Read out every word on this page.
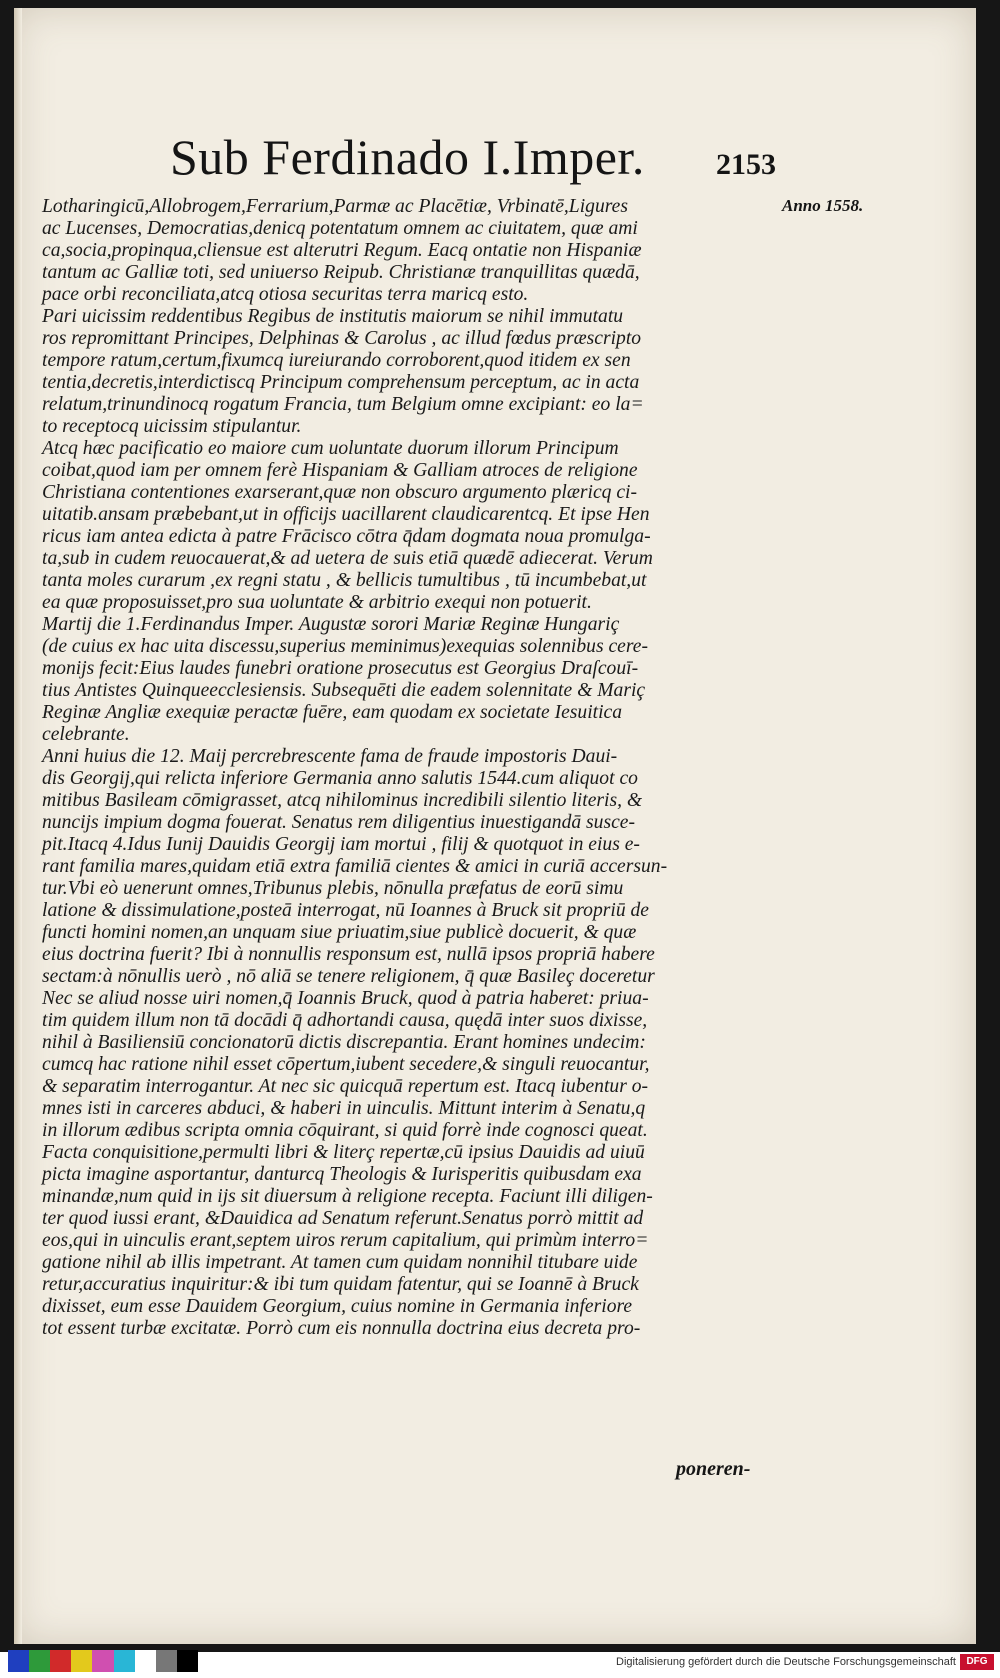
Sub Ferdinado I.Imper.	2153
Anno 1558.
Lotharingicū,Allobrogem,Ferrarium,Parmæ ac Placētiæ, Vrbinatē,Ligures
ac Lucenses, Democratias,denicq potentatum omnem ac ciuitatem, quæ ami
ca,socia,propinqua,cliensue est alterutri Regum. Eacq ontatie non Hispaniæ
tantum ac Galliæ toti, sed uniuerso Reipub. Christianæ tranquillitas quædā,
pace orbi reconciliata,atcq otiosa securitas terra maricq esto.
Pari uicissim reddentibus Regibus de institutis maiorum se nihil immutatu
ros repromittant Principes, Delphinas & Carolus , ac illud fœdus præscripto
tempore ratum,certum,fixumcq iureiurando corroborent,quod itidem ex sen
tentia,decretis,interdictiscq Principum comprehensum perceptum, ac in acta
relatum,trinundinocq rogatum Francia, tum Belgium omne excipiant: eo la=
to receptocq uicissim stipulantur.
Atcq hæc pacificatio eo maiore cum uoluntate duorum illorum Principum
coibat,quod iam per omnem ferè Hispaniam & Galliam atroces de religione
Christiana contentiones exarserant,quæ non obscuro argumento plæricq ci-
uitatib.ansam præbebant,ut in officijs uacillarent claudicarentcq. Et ipse Hen
ricus iam antea edicta à patre Frācisco cōtra q̄dam dogmata noua promulga-
ta,sub in cudem reuocauerat,& ad uetera de suis etiā quædē adiecerat. Verum
tanta moles curarum ,ex regni statu , & bellicis tumultibus , tū incumbebat,ut
ea quæ proposuisset,pro sua uoluntate & arbitrio exequi non potuerit.
Martij die 1.Ferdinandus Imper. Augustæ sorori Mariæ Reginæ Hungariç
(de cuius ex hac uita discessu,superius meminimus)exequias solennibus cere-
monijs fecit:Eius laudes funebri oratione prosecutus est Georgius Draſcouī-
tius Antistes Quinqueecclesiensis. Subsequēti die eadem solennitate & Mariç
Reginæ Angliæ exequiæ peractæ fuēre, eam quodam ex societate Iesuitica
celebrante.
Anni huius die 12. Maij percrebrescente fama de fraude impostoris Daui-
dis Georgij,qui relicta inferiore Germania anno salutis 1544.cum aliquot co
mitibus Basileam cōmigrasset, atcq nihilominus incredibili silentio literis, &
nuncijs impium dogma fouerat. Senatus rem diligentius inuestigandā susce-
pit.Itacq 4.Idus Iunij Dauidis Georgij iam mortui , filij & quotquot in eius e-
rant familia mares,quidam etiā extra familiā cientes & amici in curiā accersun-
tur.Vbi eò uenerunt omnes,Tribunus plebis, nōnulla præfatus de eorū simu
latione & dissimulatione,posteā interrogat, nū Ioannes à Bruck sit propriū de
functi homini nomen,an unquam siue priuatim,siue publicè docuerit, & quæ
eius doctrina fuerit? Ibi à nonnullis responsum est, nullā ipsos propriā habere
sectam:à nōnullis uerò , nō aliā se tenere religionem, q̄ quæ Basileç doceretur
Nec se aliud nosse uiri nomen,q̄ Ioannis Bruck, quod à patria haberet: priua-
tim quidem illum non tā docādi q̄ adhortandi causa, quędā inter suos dixisse,
nihil à Basiliensiū concionatorū dictis discrepantia. Erant homines undecim:
cumcq hac ratione nihil esset cōpertum,iubent secedere,& singuli reuocantur,
& separatim interrogantur. At nec sic quicquā repertum est. Itacq iubentur o-
mnes isti in carceres abduci, & haberi in uinculis. Mittunt interim à Senatu,q
in illorum ædibus scripta omnia cōquirant, si quid forrè inde cognosci queat.
Facta conquisitione,permulti libri & literç repertæ,cū ipsius Dauidis ad uiuū
picta imagine asportantur, danturcq Theologis & Iurisperitis quibusdam exa
minandæ,num quid in ijs sit diuersum à religione recepta. Faciunt illi diligen-
ter quod iussi erant, &Dauidica ad Senatum referunt.Senatus porrò mittit ad
eos,qui in uinculis erant,septem uiros rerum capitalium, qui primùm interro=
gatione nihil ab illis impetrant. At tamen cum quidam nonnihil titubare uide
retur,accuratius inquiritur:& ibi tum quidam fatentur, qui se Ioannē à Bruck
dixisset, eum esse Dauidem Georgium, cuius nomine in Germania inferiore
tot essent turbæ excitatæ. Porrò cum eis nonnulla doctrina eius decreta pro-
poneren-
Digitalisierung gefördert durch die Deutsche Forschungsgemeinschaft	DFG
